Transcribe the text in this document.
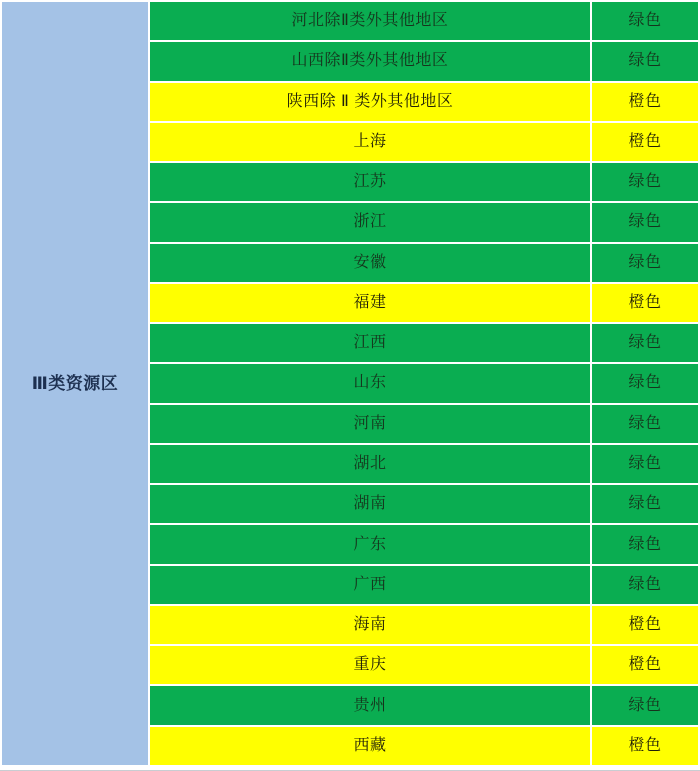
Ⅲ类资源区
河北除Ⅱ类外其他地区	绿色
山西除Ⅱ类外其他地区	绿色
陕西除 Ⅱ 类外其他地区	橙色
上海	橙色
江苏	绿色
浙江	绿色
安徽	绿色
福建	橙色
江西	绿色
山东	绿色
河南	绿色
湖北	绿色
湖南	绿色
广东	绿色
广西	绿色
海南	橙色
重庆	橙色
贵州	绿色
西藏	橙色
